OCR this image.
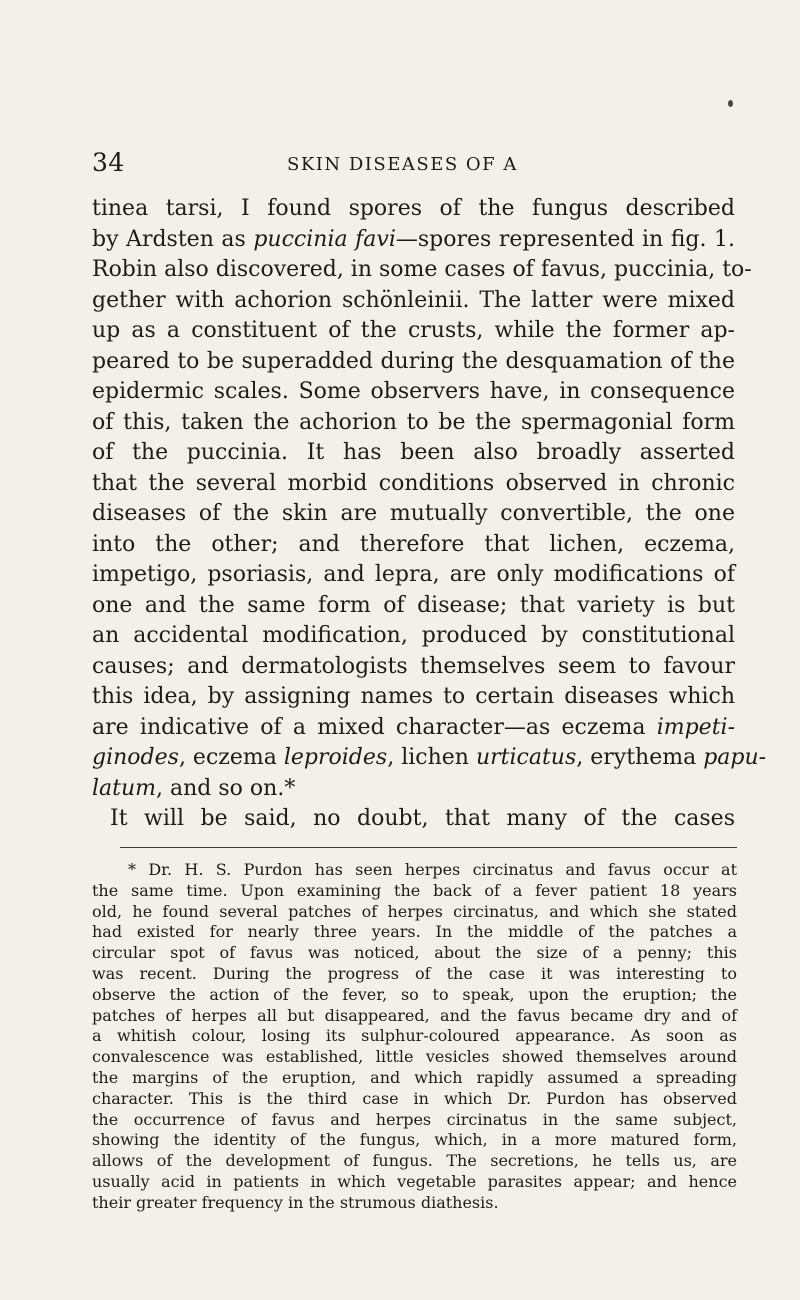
34	SKIN DISEASES OF A
tinea tarsi, I found spores of the fungus described
by Ardsten as puccinia favi—spores represented in fig. 1.
Robin also discovered, in some cases of favus, puccinia, to-
gether with achorion schönleinii. The latter were mixed
up as a constituent of the crusts, while the former ap-
peared to be superadded during the desquamation of the
epidermic scales. Some observers have, in consequence
of this, taken the achorion to be the spermagonial form
of the puccinia. It has been also broadly asserted
that the several morbid conditions observed in chronic
diseases of the skin are mutually convertible, the one
into the other; and therefore that lichen, eczema,
impetigo, psoriasis, and lepra, are only modifications of
one and the same form of disease; that variety is but
an accidental modification, produced by constitutional
causes; and dermatologists themselves seem to favour
this idea, by assigning names to certain diseases which
are indicative of a mixed character—as eczema impeti-
ginodes, eczema leproides, lichen urticatus, erythema papu-
latum, and so on.*
It will be said, no doubt, that many of the cases
* Dr. H. S. Purdon has seen herpes circinatus and favus occur at
the same time. Upon examining the back of a fever patient 18 years
old, he found several patches of herpes circinatus, and which she stated
had existed for nearly three years. In the middle of the patches a
circular spot of favus was noticed, about the size of a penny; this
was recent. During the progress of the case it was interesting to
observe the action of the fever, so to speak, upon the eruption; the
patches of herpes all but disappeared, and the favus became dry and of
a whitish colour, losing its sulphur-coloured appearance. As soon as
convalescence was established, little vesicles showed themselves around
the margins of the eruption, and which rapidly assumed a spreading
character. This is the third case in which Dr. Purdon has observed
the occurrence of favus and herpes circinatus in the same subject,
showing the identity of the fungus, which, in a more matured form,
allows of the development of fungus. The secretions, he tells us, are
usually acid in patients in which vegetable parasites appear; and hence
their greater frequency in the strumous diathesis.
